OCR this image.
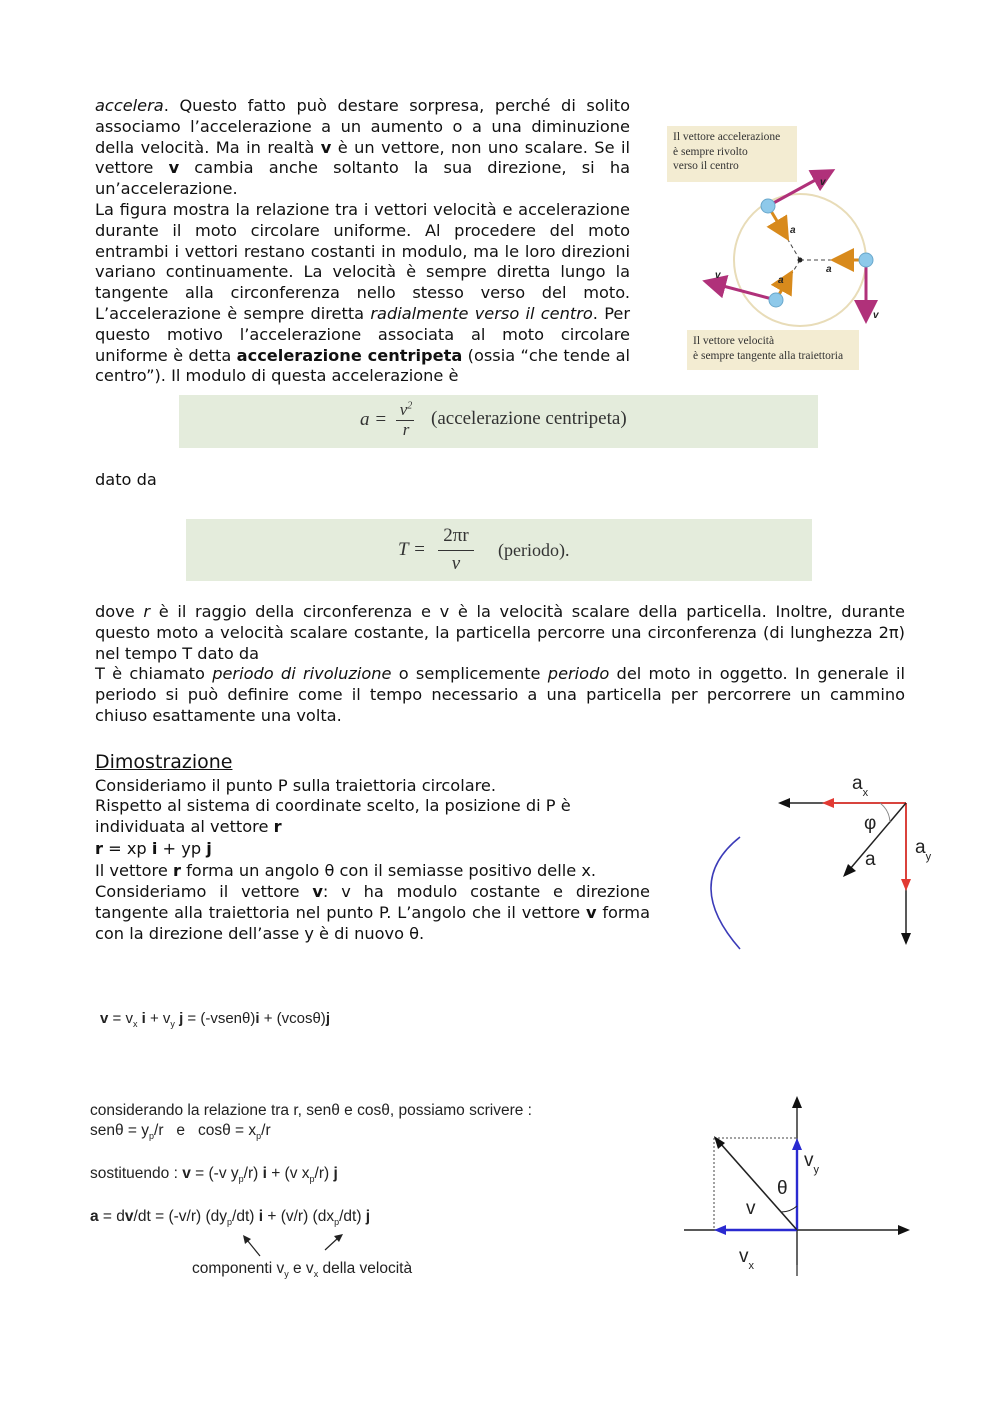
accelera. Questo fatto può destare sorpresa, perché di solito associamo l’accelerazione a un aumento o a una diminuzione della velocità. Ma in realtà v è un vettore, non uno scalare. Se il vettore v cambia anche soltanto la sua direzione, si ha un’accelerazione.
La figura mostra la relazione tra i vettori velocità e accelerazione durante il moto circolare uniforme. Al procedere del moto entrambi i vettori restano costanti in modulo, ma le loro direzioni variano continuamente. La velocità è sempre diretta lungo la tangente alla circonferenza nello stesso verso del moto. L’accelerazione è sempre diretta radialmente verso il centro. Per questo motivo l’accelerazione associata al moto circolare uniforme è detta accelerazione centripeta (ossia “che tende al centro”). Il modulo di questa accelerazione è
Il vettore accelerazione
è sempre rivolto
verso il centro
Il vettore velocità
è sempre tangente alla traiettoria
v
v
v
a
a
a
$a = v^2$
r
(accelerazione centripeta)
dato da
T =
2πr
v
(periodo).
dove r è il raggio della circonferenza e v è la velocità scalare della particella. Inoltre, durante questo moto a velocità scalare costante, la particella percorre una circonferenza (di lunghezza 2π) nel tempo T dato da
T è chiamato periodo di rivoluzione o semplicemente periodo del moto in oggetto. In generale il periodo si può definire come il tempo necessario a una particella per percorrere un cammino chiuso esattamente una volta.
Dimostrazione
Consideriamo il punto P sulla traiettoria circolare.
Rispetto al sistema di coordinate scelto, la posizione di P è individuata al vettore r
r = xp i + yp j
Il vettore r forma un angolo θ con il semiasse positivo delle x.
Consideriamo il vettore v: v ha modulo costante e direzione tangente alla traiettoria nel punto P. L’angolo che il vettore v forma con la direzione dell’asse y è di nuovo θ.
$a_x$
φ
a
$a_y$
$v = v_x$ $i + v_y$ j = (-vsenθ)i + (vcosθ)j
considerando la relazione tra r, senθ e cosθ, possiamo scrivere :
$sen\theta = y_p/r$   e   $\cos\theta = x_p/r$
sostituendo : v = (-v $y_p/r$) i + (v $x_p/r$) j
a = dv/dt = (-v/r) $(dy_p/dt) i + (v/r)$ $(dx_p/dt)$ j
componenti $v_y$ e $v_x$ della velocità
$v_y$
θ
v
$v_x$
